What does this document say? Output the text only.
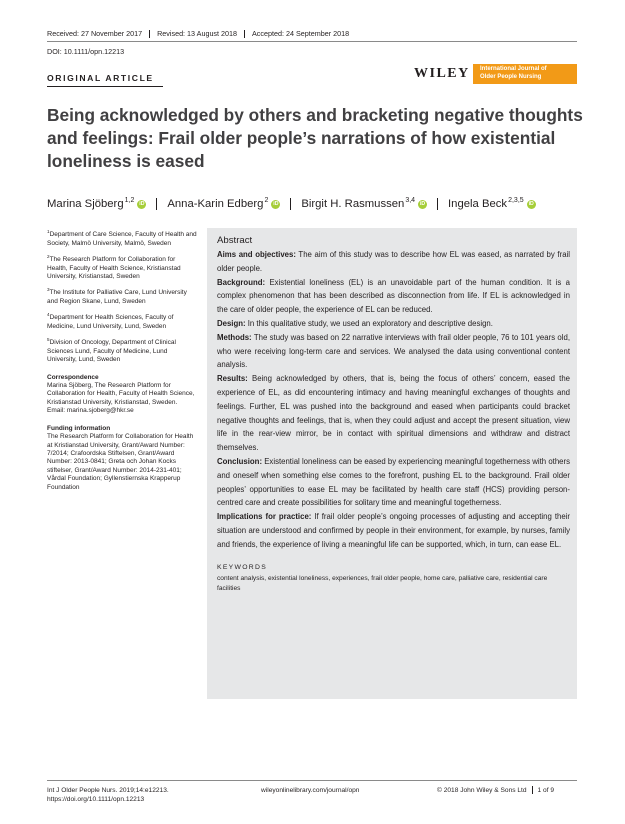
Received: 27 November 2017 Revised: 13 August 2018 Accepted: 24 September 2018
DOI: 10.1111/opn.12213
ORIGINAL ARTICLE	WILEY International Journal of
Older People Nursing
Being acknowledged by others and bracketing negative thoughts and feelings: Frail older people’s narrations of how existential loneliness is eased
Marina Sjöberg$^{1,2}$
iD Anna-Karin Edberg$^2$
iD Birgit H. Rasmussen$^{3,4}$
iD Ingela Beck$^{2,3,5}$
iD
$^1$Department of Care Science, Faculty of Health and Society, Malmö University, Malmö, Sweden
$^2$The Research Platform for Collaboration for Health, Faculty of Health Science, Kristianstad University, Kristianstad, Sweden
$^3$The Institute for Palliative Care, Lund University and Region Skane, Lund, Sweden
$^4$Department for Health Sciences, Faculty of Medicine, Lund University, Lund, Sweden
$^5$Division of Oncology, Department of Clinical Sciences Lund, Faculty of Medicine, Lund University, Lund, Sweden
Correspondence
Marina Sjöberg, The Research Platform for Collaboration for Health, Faculty of Health Science, Kristianstad University, Kristianstad, Sweden.
Email: marina.sjoberg@hkr.se
Funding information
The Research Platform for Collaboration for Health at Kristianstad University, Grant/Award Number: 7/2014; Crafoordska Stiftelsen, Grant/Award Number: 2013-0841; Greta och Johan Kocks stiftelser, Grant/Award Number: 2014-231-401; Vårdal Foundation; Gyllenstiernska Krapperup Foundation
Abstract

Aims and objectives: The aim of this study was to describe how EL was eased, as narrated by frail older people.

Background: Existential loneliness (EL) is an unavoidable part of the human condition. It is a complex phenomenon that has been described as disconnection from life. If EL is acknowledged in the care of older people, the experience of EL can be reduced.

Design: In this qualitative study, we used an exploratory and descriptive design.

Methods: The study was based on 22 narrative interviews with frail older people, 76 to 101 years old, who were receiving long-term care and services. We analysed the data using conventional content analysis.

Results: Being acknowledged by others, that is, being the focus of others’ concern, eased the experience of EL, as did encountering intimacy and having meaningful exchanges of thoughts and feelings. Further, EL was pushed into the background and eased when participants could bracket negative thoughts and feelings, that is, when they could adjust and accept the present situation, view life in the rear-view mirror, be in contact with spiritual dimensions and withdraw and distract themselves.

Conclusion: Existential loneliness can be eased by experiencing meaningful togetherness with others and oneself when something else comes to the forefront, pushing EL to the background. Frail older peoples’ opportunities to ease EL may be facilitated by health care staff (HCS) providing person-centred care and create possibilities for solitary time and meaningful togetherness.

Implications for practice: If frail older people’s ongoing processes of adjusting and accepting their situation are understood and confirmed by people in their environment, for example, by nurses, family and friends, the experience of living a meaningful life can be supported, which, in turn, can ease EL.

KEYWORDS
content analysis, existential loneliness, experiences, frail older people, home care, palliative care, residential care facilities
Int J Older People Nurs. 2019;14:e12213.
https://doi.org/10.1111/opn.12213
wileyonlinelibrary.com/journal/opn	© 2018 John Wiley & Sons Ltd 1 of 9
